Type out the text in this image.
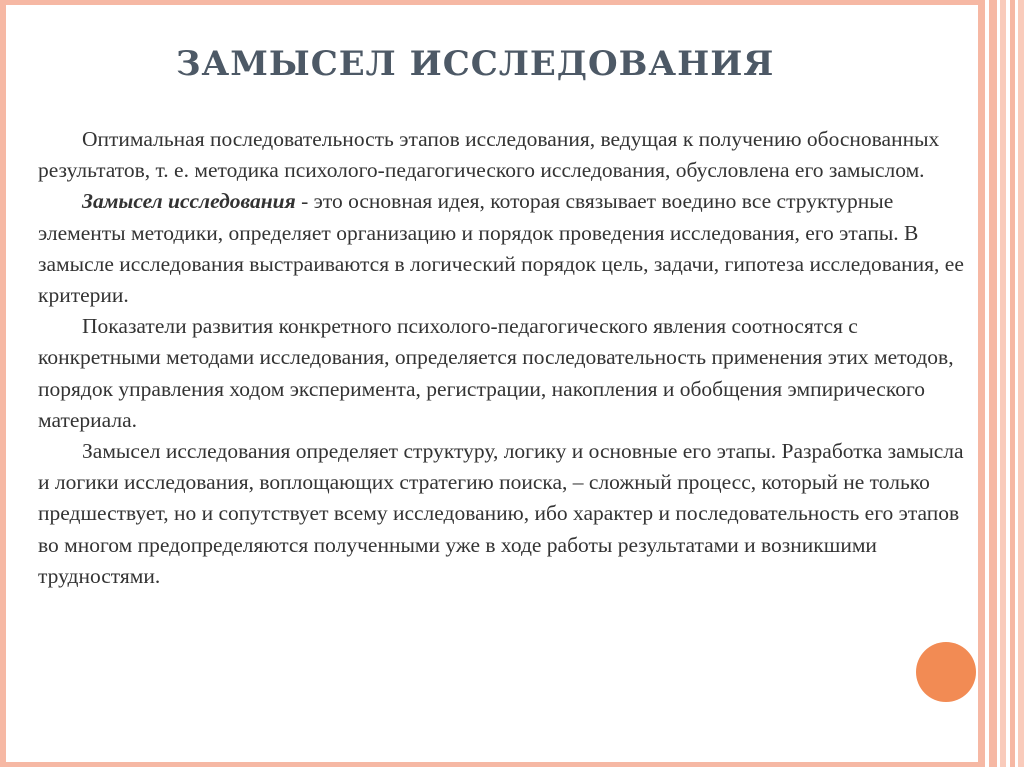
ЗАМЫСЕЛ ИССЛЕДОВАНИЯ

Оптимальная последовательность этапов исследования, ведущая к получению обоснованных результатов, т. е. методика психолого-педагогического исследования, обусловлена его замыслом.

Замысел исследования - это основная идея, которая связывает воедино все структурные элементы методики, определяет организацию и порядок проведения исследования, его этапы. В замысле исследования выстраиваются в логический порядок цель, задачи, гипотеза исследования, ее критерии.

Показатели развития конкретного психолого-педагогического явления соотносятся с конкретными методами исследования, определяется последовательность применения этих методов, порядок управления ходом эксперимента, регистрации, накопления и обобщения эмпирического материала.

Замысел исследования определяет структуру, логику и основные его этапы. Разработка замысла и логики исследования, воплощающих стратегию поиска, – сложный процесс, который не только предшествует, но и сопутствует всему исследованию, ибо характер и последовательность его этапов во многом предопределяются полученными уже в ходе работы результатами и возникшими трудностями.
